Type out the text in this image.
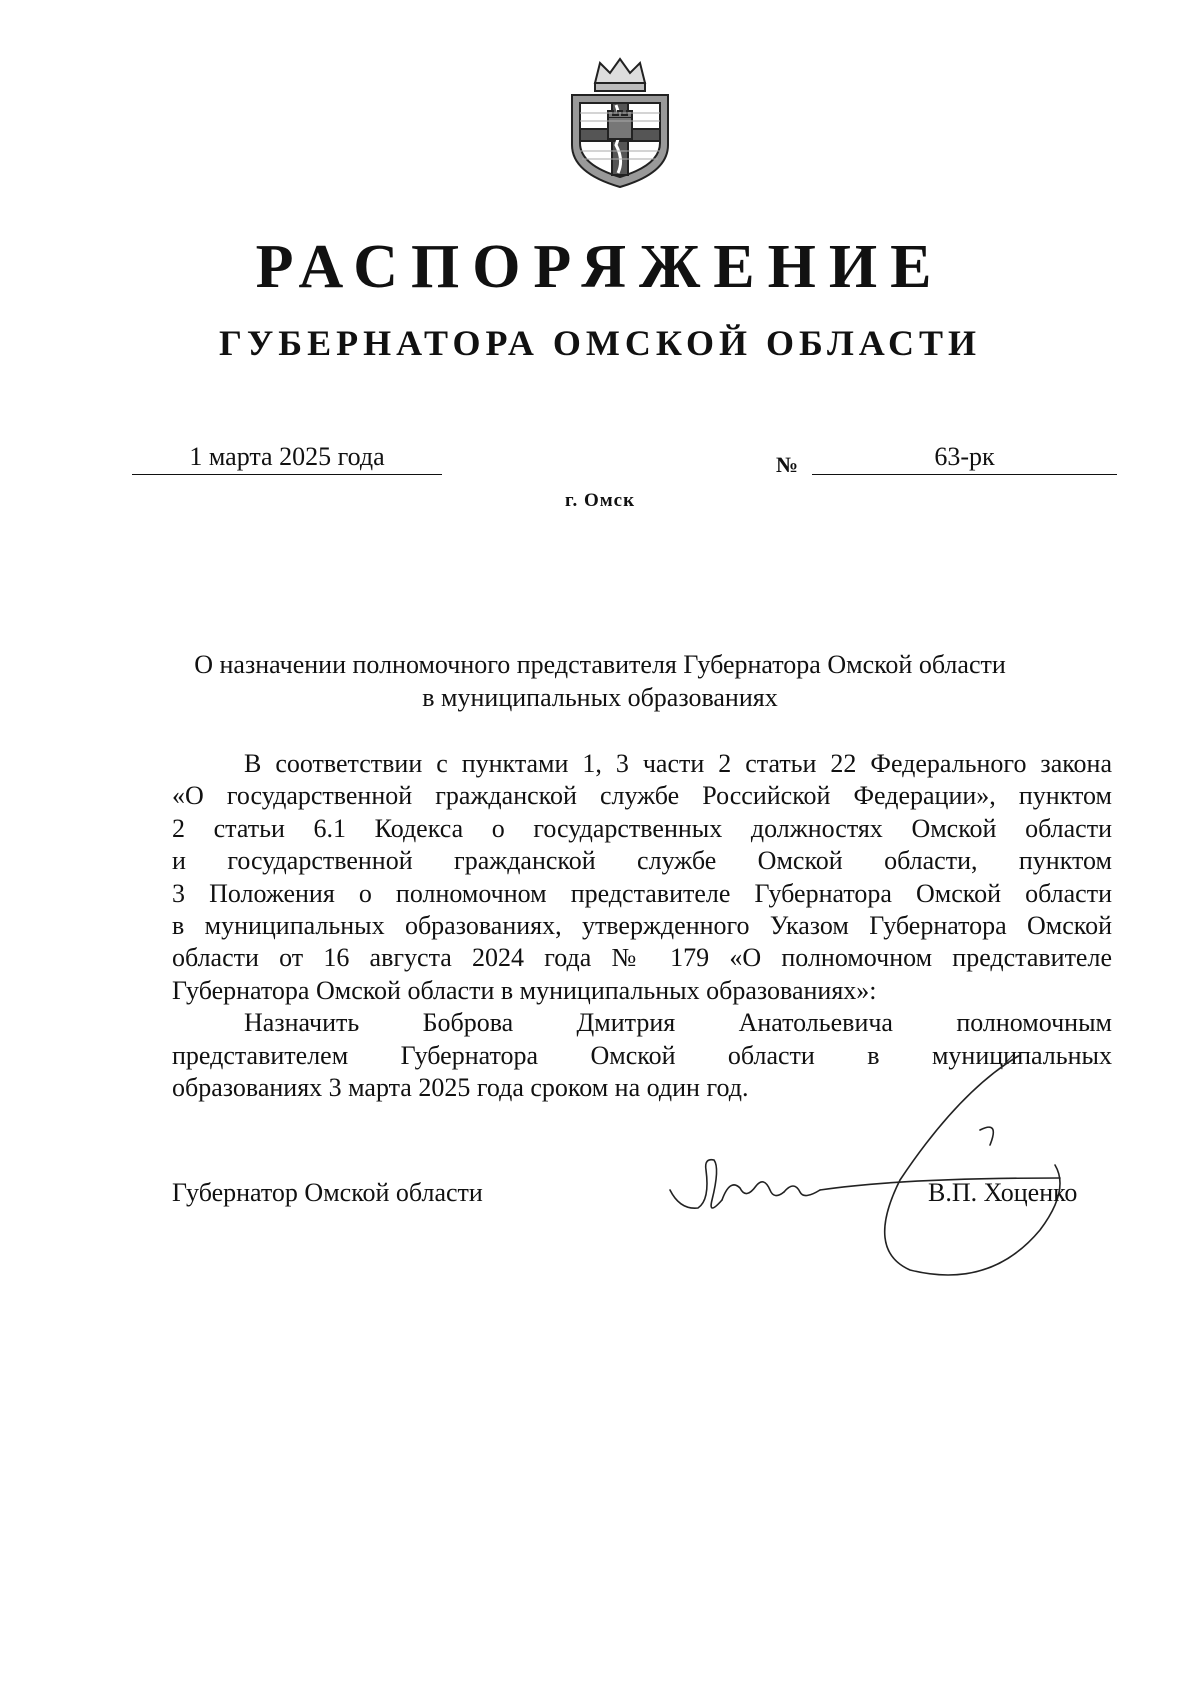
РАСПОРЯЖЕНИЕ
ГУБЕРНАТОРА ОМСКОЙ ОБЛАСТИ
1 марта 2025 года	№	63-рк
г. Омск
О назначении полномочного представителя Губернатора Омской области
в муниципальных образованиях
В соответствии с пунктами 1, 3 части 2 статьи 22 Федерального закона
«О государственной гражданской службе Российской Федерации», пунктом
2 статьи 6.1 Кодекса о государственных должностях Омской области
и государственной гражданской службе Омской области, пунктом
3 Положения о полномочном представителе Губернатора Омской области
в муниципальных образованиях, утвержденного Указом Губернатора Омской
области от 16 августа 2024 года № 179 «О полномочном представителе
Губернатора Омской области в муниципальных образованиях»:
Назначить Боброва Дмитрия Анатольевича полномочным
представителем Губернатора Омской области в муниципальных
образованиях 3 марта 2025 года сроком на один год.
Губернатор Омской области	В.П. Хоценко
